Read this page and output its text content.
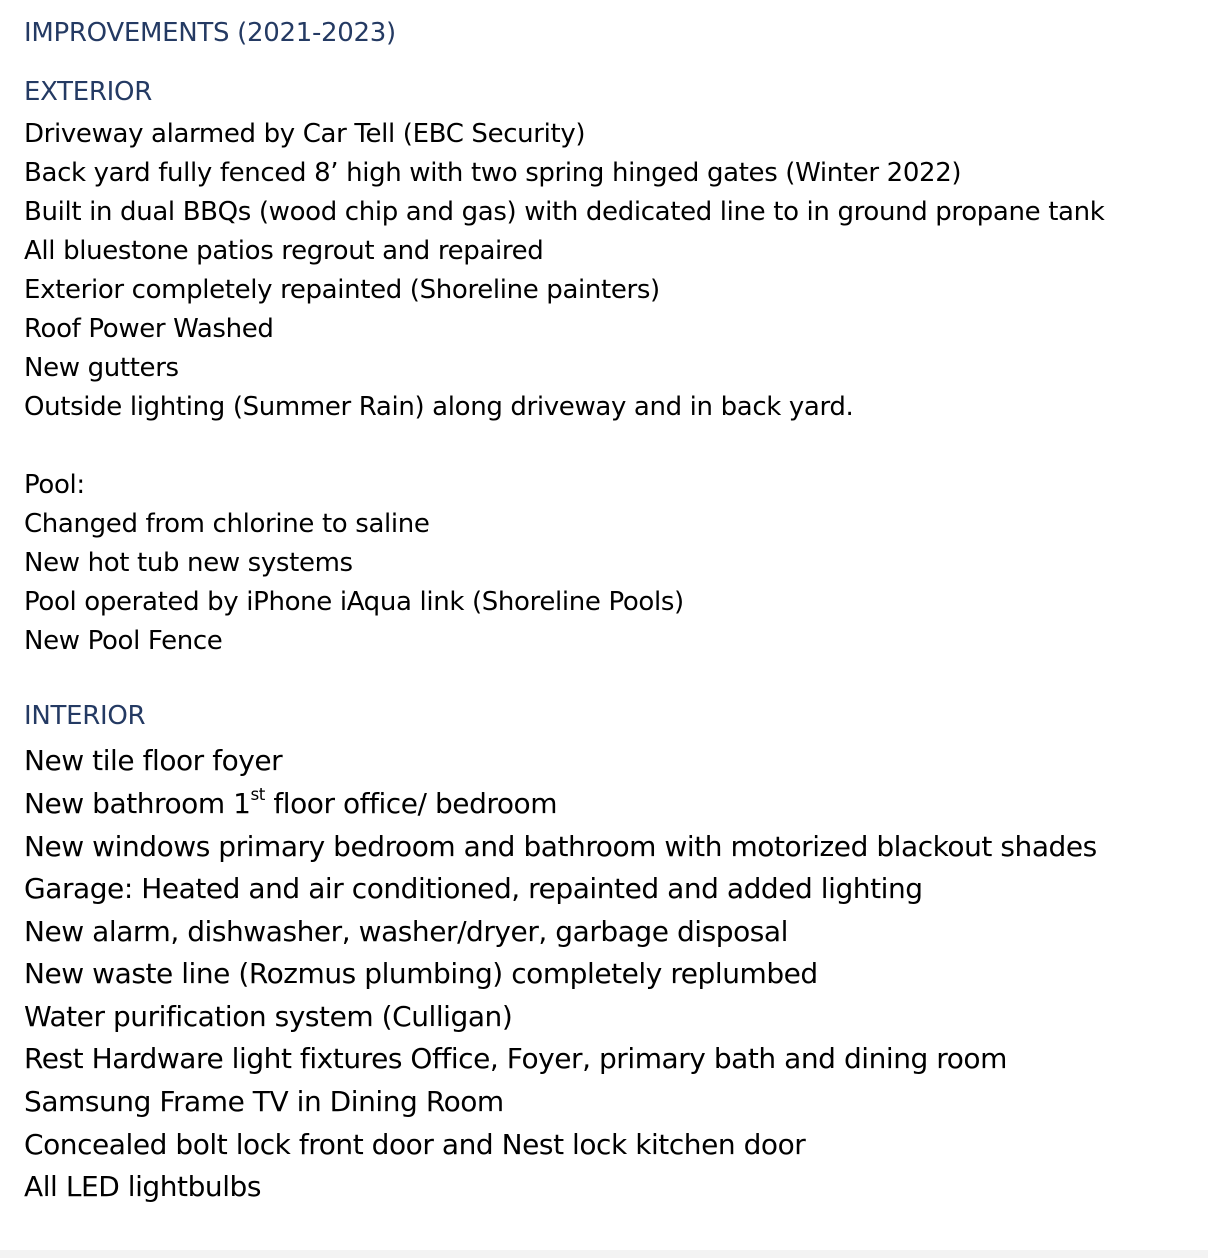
IMPROVEMENTS (2021-2023)
EXTERIOR
Driveway alarmed by Car Tell (EBC Security)
Back yard fully fenced 8’ high with two spring hinged gates (Winter 2022)
Built in dual BBQs (wood chip and gas) with dedicated line to in ground propane tank
All bluestone patios regrout and repaired
Exterior completely repainted (Shoreline painters)
Roof Power Washed
New gutters
Outside lighting (Summer Rain) along driveway and in back yard.
Pool:
Changed from chlorine to saline
New hot tub new systems
Pool operated by iPhone iAqua link (Shoreline Pools)
New Pool Fence
INTERIOR
New tile floor foyer
New bathroom 1st floor office/ bedroom
New windows primary bedroom and bathroom with motorized blackout shades
Garage: Heated and air conditioned, repainted and added lighting
New alarm, dishwasher, washer/dryer, garbage disposal
New waste line (Rozmus plumbing) completely replumbed
Water purification system (Culligan)
Rest Hardware light fixtures Office, Foyer, primary bath and dining room
Samsung Frame TV in Dining Room
Concealed bolt lock front door and Nest lock kitchen door
All LED lightbulbs
